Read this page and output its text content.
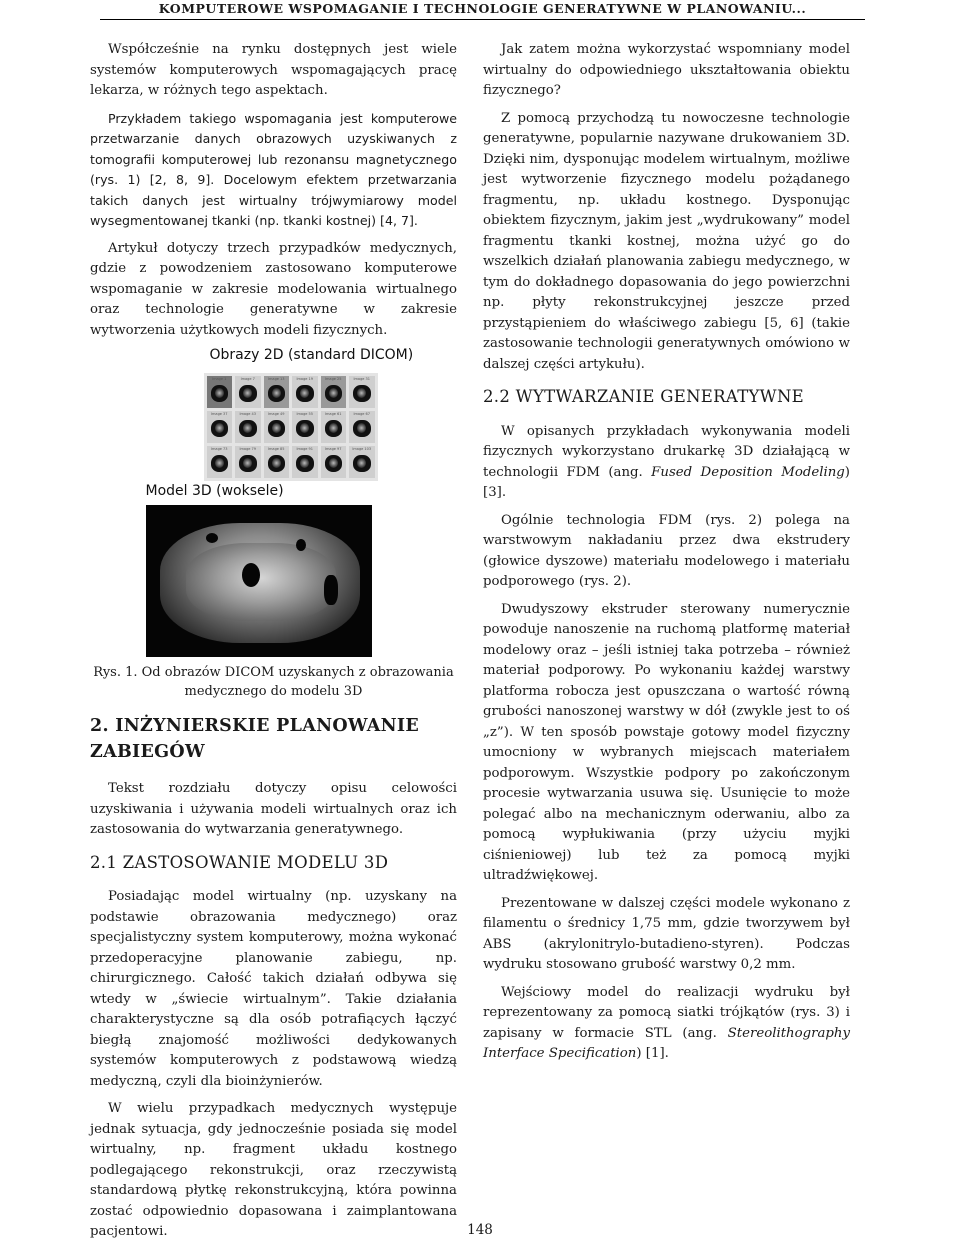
KOMPUTEROWE WSPOMAGANIE I TECHNOLOGIE GENERATYWNE W PLANOWANIU...

Współcześnie na rynku dostępnych jest wiele systemów komputerowych wspomagających pracę lekarza, w różnych tego aspektach.

Przykładem takiego wspomagania jest komputerowe przetwarzanie danych obrazowych uzyskiwanych z tomografii komputerowej lub rezonansu magnetycznego (rys. 1) [2, 8, 9]. Docelowym efektem przetwarzania takich danych jest wirtualny trójwymiarowy model wysegmentowanej tkanki (np. tkanki kostnej) [4, 7].

Artykuł dotyczy trzech przypadków medycznych, gdzie z powodzeniem zastosowano komputerowe wspomaganie w zakresie modelowania wirtualnego oraz technologie generatywne w zakresie wytworzenia użytkowych modeli fizycznych.

Obrazy 2D (standard DICOM)
Image 1	Image 7	Image 13	Image 19	Image 25	Image 31
Image 37	Image 43	Image 49	Image 55	Image 61	Image 67
Image 73	Image 79	Image 85	Image 91	Image 97	Image 103
Model 3D (woksele)
Rys. 1. Od obrazów DICOM uzyskanych z obrazowania medycznego do modelu 3D
2. INŻYNIERSKIE PLANOWANIE ZABIEGÓW

Tekst rozdziału dotyczy opisu celowości uzyskiwania i używania modeli wirtualnych oraz ich zastosowania do wytwarzania generatywnego.

2.1 ZASTOSOWANIE MODELU 3D

Posiadając model wirtualny (np. uzyskany na podstawie obrazowania medycznego) oraz specjalistyczny system komputerowy, można wykonać przedoperacyjne planowanie zabiegu, np. chirurgicznego. Całość takich działań odbywa się wtedy w „świecie wirtualnym”. Takie działania charakterystyczne są dla osób potrafiących łączyć biegłą znajomość możliwości dedykowanych systemów komputerowych z podstawową wiedzą medyczną, czyli dla bioinżynierów.

W wielu przypadkach medycznych występuje jednak sytuacja, gdy jednocześnie posiada się model wirtualny, np. fragment układu kostnego podlegającego rekonstrukcji, oraz rzeczywistą standardową płytkę rekonstrukcyjną, która powinna zostać odpowiednio dopasowana i zaimplantowana pacjentowi.

Jak zatem można wykorzystać wspomniany model wirtualny do odpowiedniego ukształtowania obiektu fizycznego?

Z pomocą przychodzą tu nowoczesne technologie generatywne, popularnie nazywane drukowaniem 3D. Dzięki nim, dysponując modelem wirtualnym, możliwe jest wytworzenie fizycznego modelu pożądanego fragmentu, np. układu kostnego. Dysponując obiektem fizycznym, jakim jest „wydrukowany” model fragmentu tkanki kostnej, można użyć go do wszelkich działań planowania zabiegu medycznego, w tym do dokładnego dopasowania do jego powierzchni np. płyty rekonstrukcyjnej jeszcze przed przystąpieniem do właściwego zabiegu [5, 6] (takie zastosowanie technologii generatywnych omówiono w dalszej części artykułu).

2.2 WYTWARZANIE GENERATYWNE

W opisanych przykładach wykonywania modeli fizycznych wykorzystano drukarkę 3D działającą w technologii FDM (ang. Fused Deposition Modeling) [3].

Ogólnie technologia FDM (rys. 2) polega na warstwowym nakładaniu przez dwa ekstrudery (głowice dyszowe) materiału modelowego i materiału podporowego (rys. 2).

Dwudyszowy ekstruder sterowany numerycznie powoduje nanoszenie na ruchomą platformę materiał modelowy oraz – jeśli istniej taka potrzeba – również materiał podporowy. Po wykonaniu każdej warstwy platforma robocza jest opuszczana o wartość równą grubości nanoszonej warstwy w dół (zwykle jest to oś „z”). W ten sposób powstaje gotowy model fizyczny umocniony w wybranych miejscach materiałem podporowym. Wszystkie podpory po zakończonym procesie wytwarzania usuwa się. Usunięcie to może polegać albo na mechanicznym oderwaniu, albo za pomocą wypłukiwania (przy użyciu myjki ciśnieniowej) lub też za pomocą myjki ultradźwiękowej.

Prezentowane w dalszej części modele wykonano z filamentu o średnicy 1,75 mm, gdzie tworzywem był ABS (akrylonitrylo-butadieno-styren). Podczas wydruku stosowano grubość warstwy 0,2 mm.

Wejściowy model do realizacji wydruku był reprezentowany za pomocą siatki trójkątów (rys. 3) i zapisany w formacie STL (ang. Stereolithography Interface Specification) [1].

148
